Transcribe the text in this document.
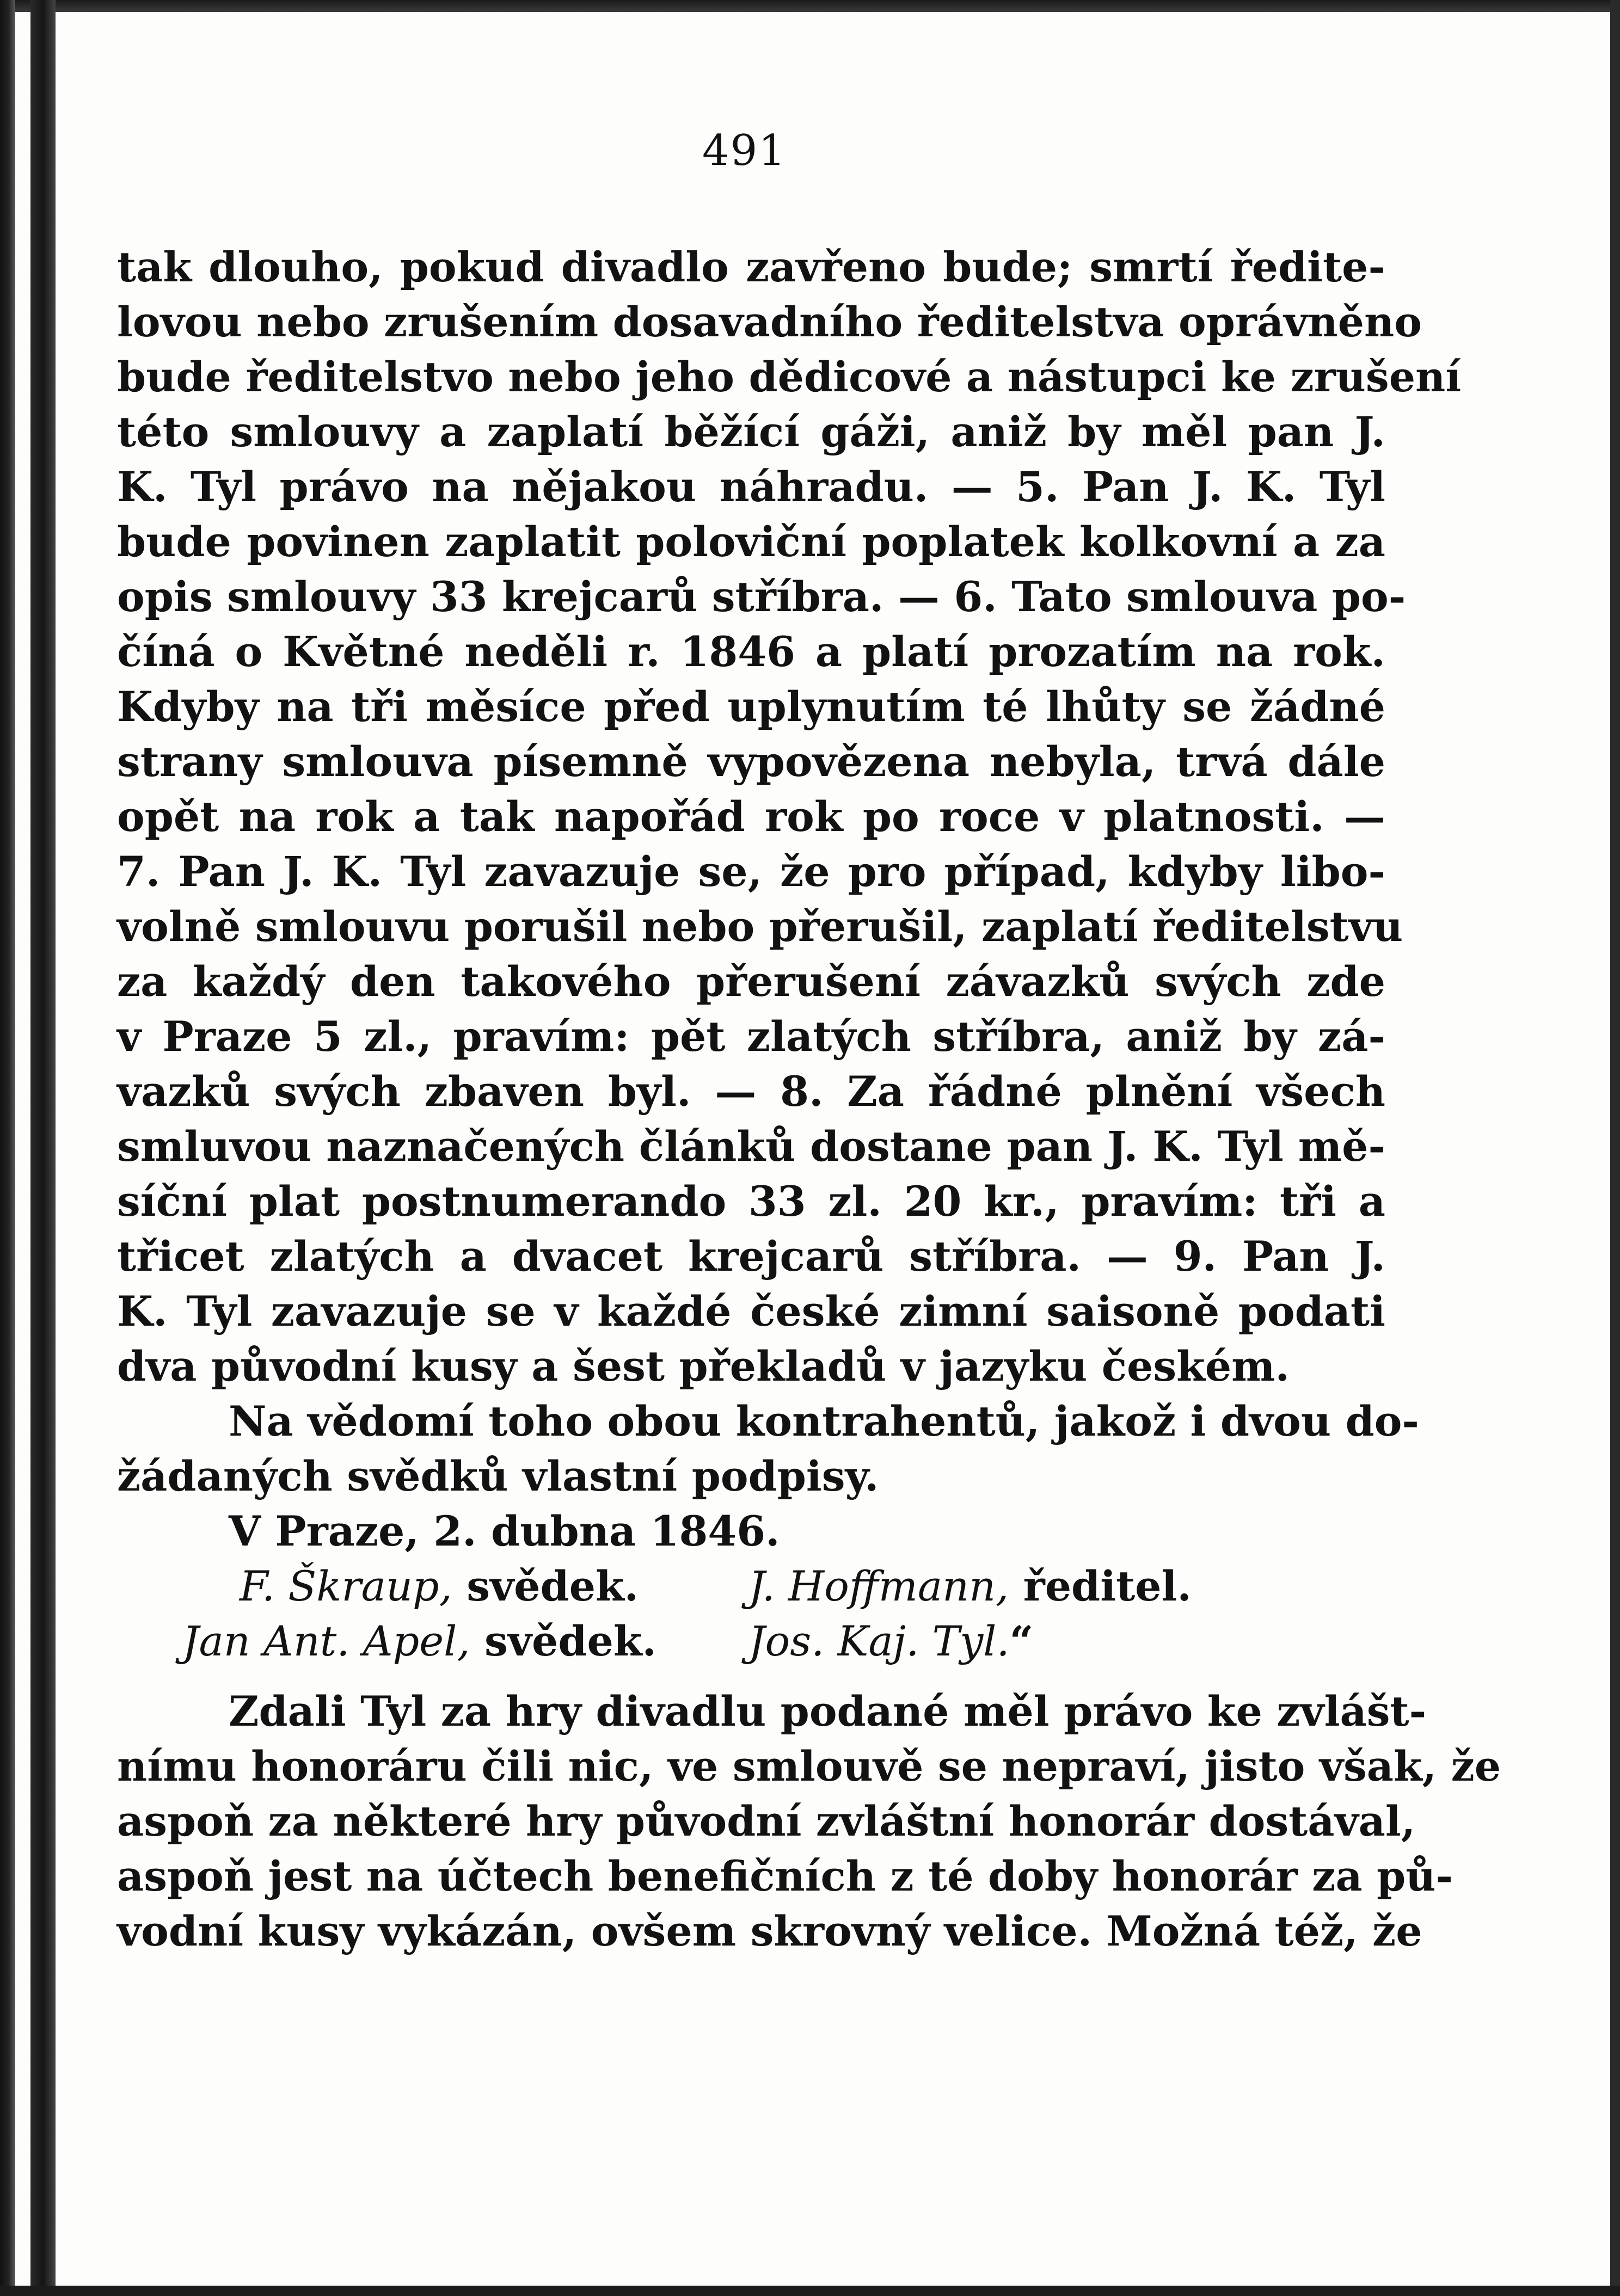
491
tak dlouho, pokud divadlo zavřeno bude; smrtí ředite-
lovou nebo zrušením dosavadního ředitelstva oprávněno
bude ředitelstvo nebo jeho dědicové a nástupci ke zrušení
této smlouvy a zaplatí běžící gáži, aniž by měl pan J.
K. Tyl právo na nějakou náhradu. — 5. Pan J. K. Tyl
bude povinen zaplatit poloviční poplatek kolkovní a za
opis smlouvy 33 krejcarů stříbra. — 6. Tato smlouva po-
číná o Květné neděli r. 1846 a platí prozatím na rok.
Kdyby na tři měsíce před uplynutím té lhůty se žádné
strany smlouva písemně vypovězena nebyla, trvá dále
opět na rok a tak napořád rok po roce v platnosti. —
7. Pan J. K. Tyl zavazuje se, že pro případ, kdyby libo-
volně smlouvu porušil nebo přerušil, zaplatí ředitelstvu
za každý den takového přerušení závazků svých zde
v Praze 5 zl., pravím: pět zlatých stříbra, aniž by zá-
vazků svých zbaven byl. — 8. Za řádné plnění všech
smluvou naznačených článků dostane pan J. K. Tyl mě-
síční plat postnumerando 33 zl. 20 kr., pravím: tři a
třicet zlatých a dvacet krejcarů stříbra. — 9. Pan J.
K. Tyl zavazuje se v každé české zimní saisoně podati
dva původní kusy a šest překladů v jazyku českém.
Na vědomí toho obou kontrahentů, jakož i dvou do-
žádaných svědků vlastní podpisy.
V Praze, 2. dubna 1846.
F. Škraup, svědek.	J. Hoffmann, ředitel.
Jan Ant. Apel, svědek.	Jos. Kaj. Tyl.“
Zdali Tyl za hry divadlu podané měl právo ke zvlášt-
nímu honoráru čili nic, ve smlouvě se nepraví, jisto však, že
aspoň za některé hry původní zvláštní honorár dostával,
aspoň jest na účtech benefičních z té doby honorár za pů-
vodní kusy vykázán, ovšem skrovný velice. Možná též, že
